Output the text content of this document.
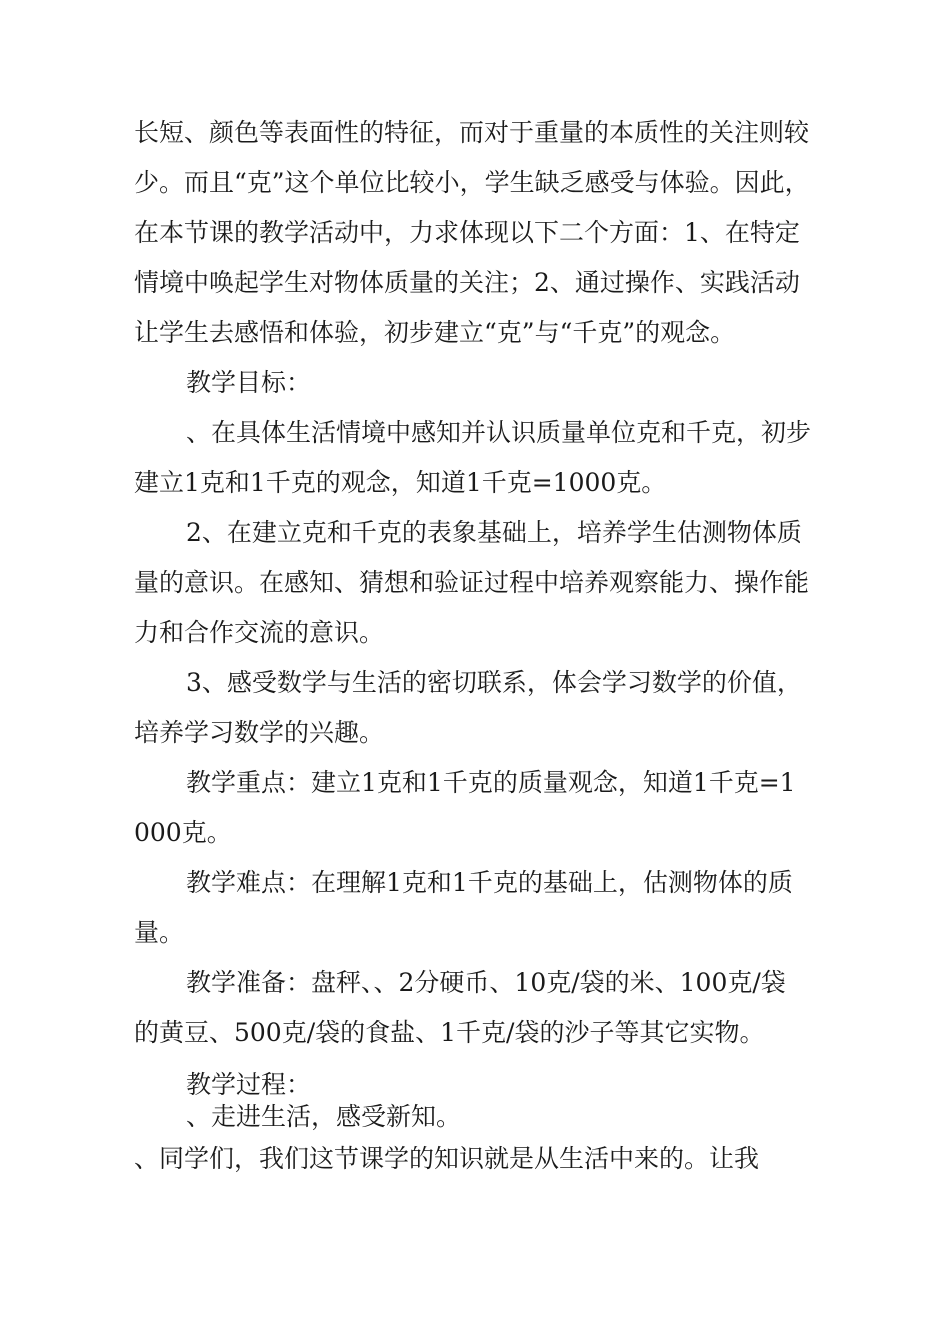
长短、颜色等表面性的特征，而对于重量的本质性的关注则较
少。而且“克”这个单位比较小，学生缺乏感受与体验。因此，
在本节课的教学活动中，力求体现以下二个方面：1、在特定
情境中唤起学生对物体质量的关注；2、通过操作、实践活动
让学生去感悟和体验，初步建立“克”与“千克”的观念。
教学目标：
、在具体生活情境中感知并认识质量单位克和千克，初步
建立1克和1千克的观念，知道1千克=1000克。
2、在建立克和千克的表象基础上，培养学生估测物体质
量的意识。在感知、猜想和验证过程中培养观察能力、操作能
力和合作交流的意识。
3、感受数学与生活的密切联系，体会学习数学的价值，
培养学习数学的兴趣。
教学重点：建立1克和1千克的质量观念，知道1千克=1
000克。
教学难点：在理解1克和1千克的基础上，估测物体的质
量。
教学准备：盘秤、、2分硬币、10克/袋的米、100克/袋
的黄豆、500克/袋的食盐、1千克/袋的沙子等其它实物。
教学过程：
、走进生活，感受新知。
、同学们，我们这节课学的知识就是从生活中来的。让我
